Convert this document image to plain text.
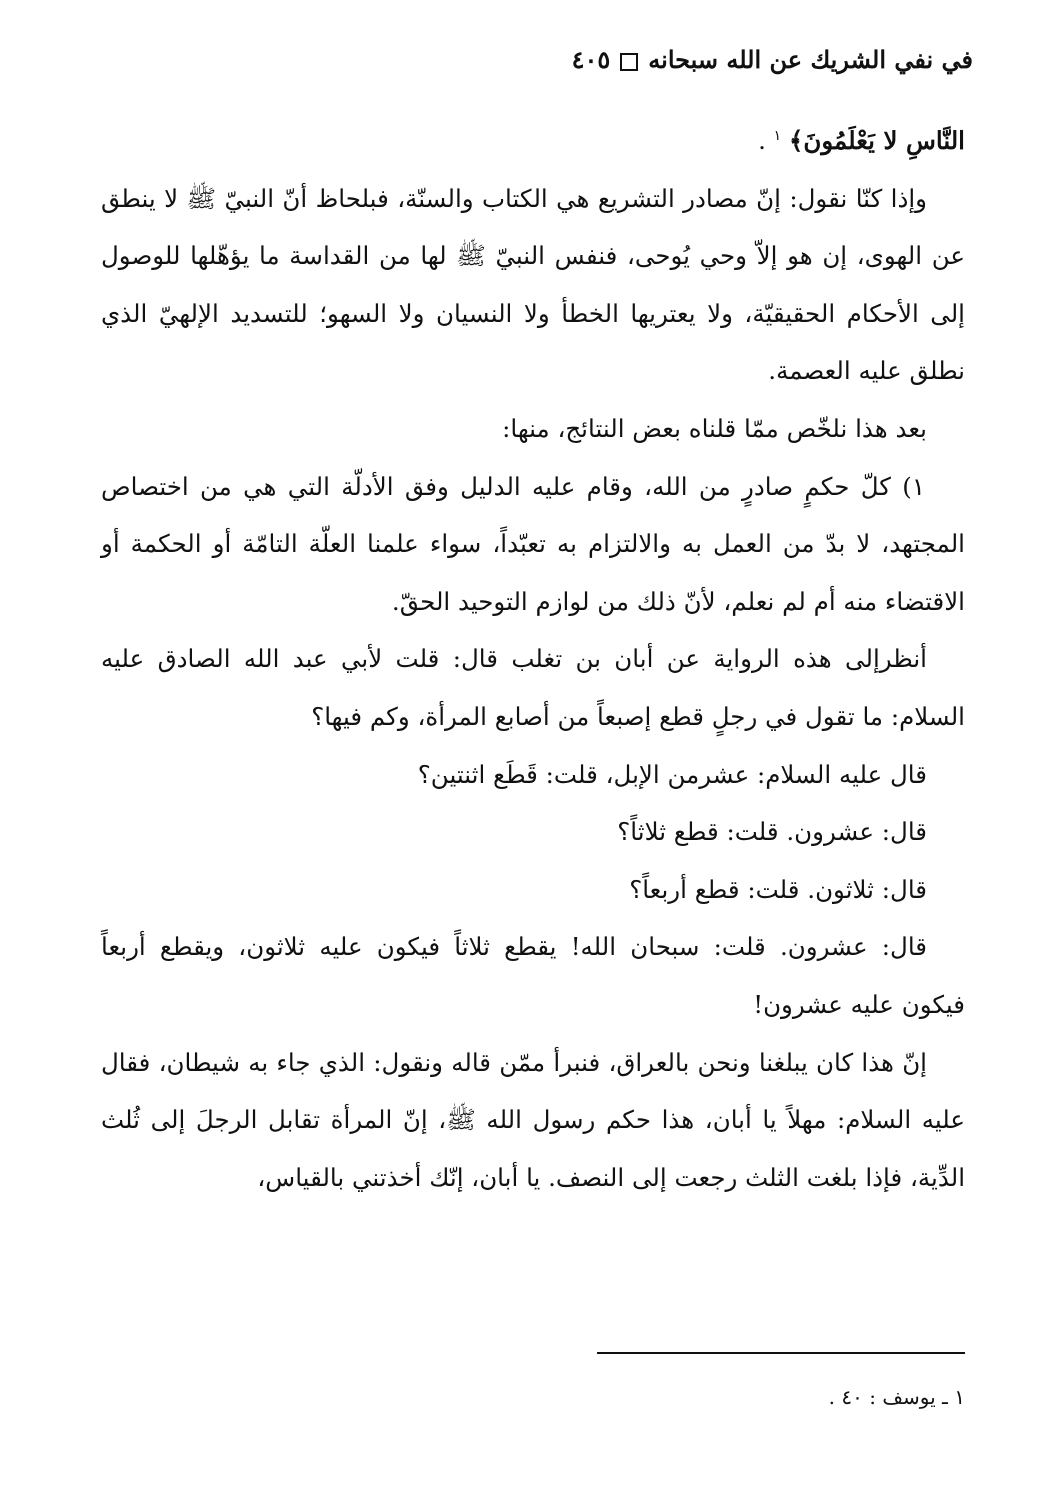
في نفي الشريك عن الله سبحانه٤٠٥

النَّاسِ لا يَعْلَمُونَ﴾ $^١$ .

وإذا كنّا نقول: إنّ مصادر التشريع هي الكتاب والسنّة، فبلحاظ أنّ النبيّ ﷺ لا ينطق عن الهوى، إن هو إلاّ وحي يُوحى، فنفس النبيّ ﷺ لها من القداسة ما يؤهّلها للوصول إلى الأحكام الحقيقيّة، ولا يعتريها الخطأ ولا النسيان ولا السهو؛ للتسديد الإلهيّ الذي نطلق عليه العصمة.

بعد هذا نلخّص ممّا قلناه بعض النتائج، منها:

١) كلّ حكمٍ صادرٍ من الله، وقام عليه الدليل وفق الأدلّة التي هي من اختصاص المجتهد، لا بدّ من العمل به والالتزام به تعبّداً، سواء علمنا العلّة التامّة أو الحكمة أو الاقتضاء منه أم لم نعلم، لأنّ ذلك من لوازم التوحيد الحقّ.

أنظرإلى هذه الرواية عن أبان بن تغلب قال: قلت لأبي عبد الله الصادق عليه السلام: ما تقول في رجلٍ قطع إصبعاً من أصابع المرأة، وكم فيها؟

قال عليه السلام: عشرمن الإبل، قلت: قَطَع اثنتين؟

قال: عشرون. قلت: قطع ثلاثاً؟

قال: ثلاثون. قلت: قطع أربعاً؟

قال: عشرون. قلت: سبحان الله! يقطع ثلاثاً فيكون عليه ثلاثون، ويقطع أربعاً فيكون عليه عشرون!

إنّ هذا كان يبلغنا ونحن بالعراق، فنبرأ ممّن قاله ونقول: الذي جاء به شيطان، فقال عليه السلام: مهلاً يا أبان، هذا حكم رسول الله ﷺ، إنّ المرأة تقابل الرجلَ إلى ثُلث الدِّية، فإذا بلغت الثلث رجعت إلى النصف. يا أبان، إنّك أخذتني بالقياس،

١ ـ يوسف : ٤٠ .
